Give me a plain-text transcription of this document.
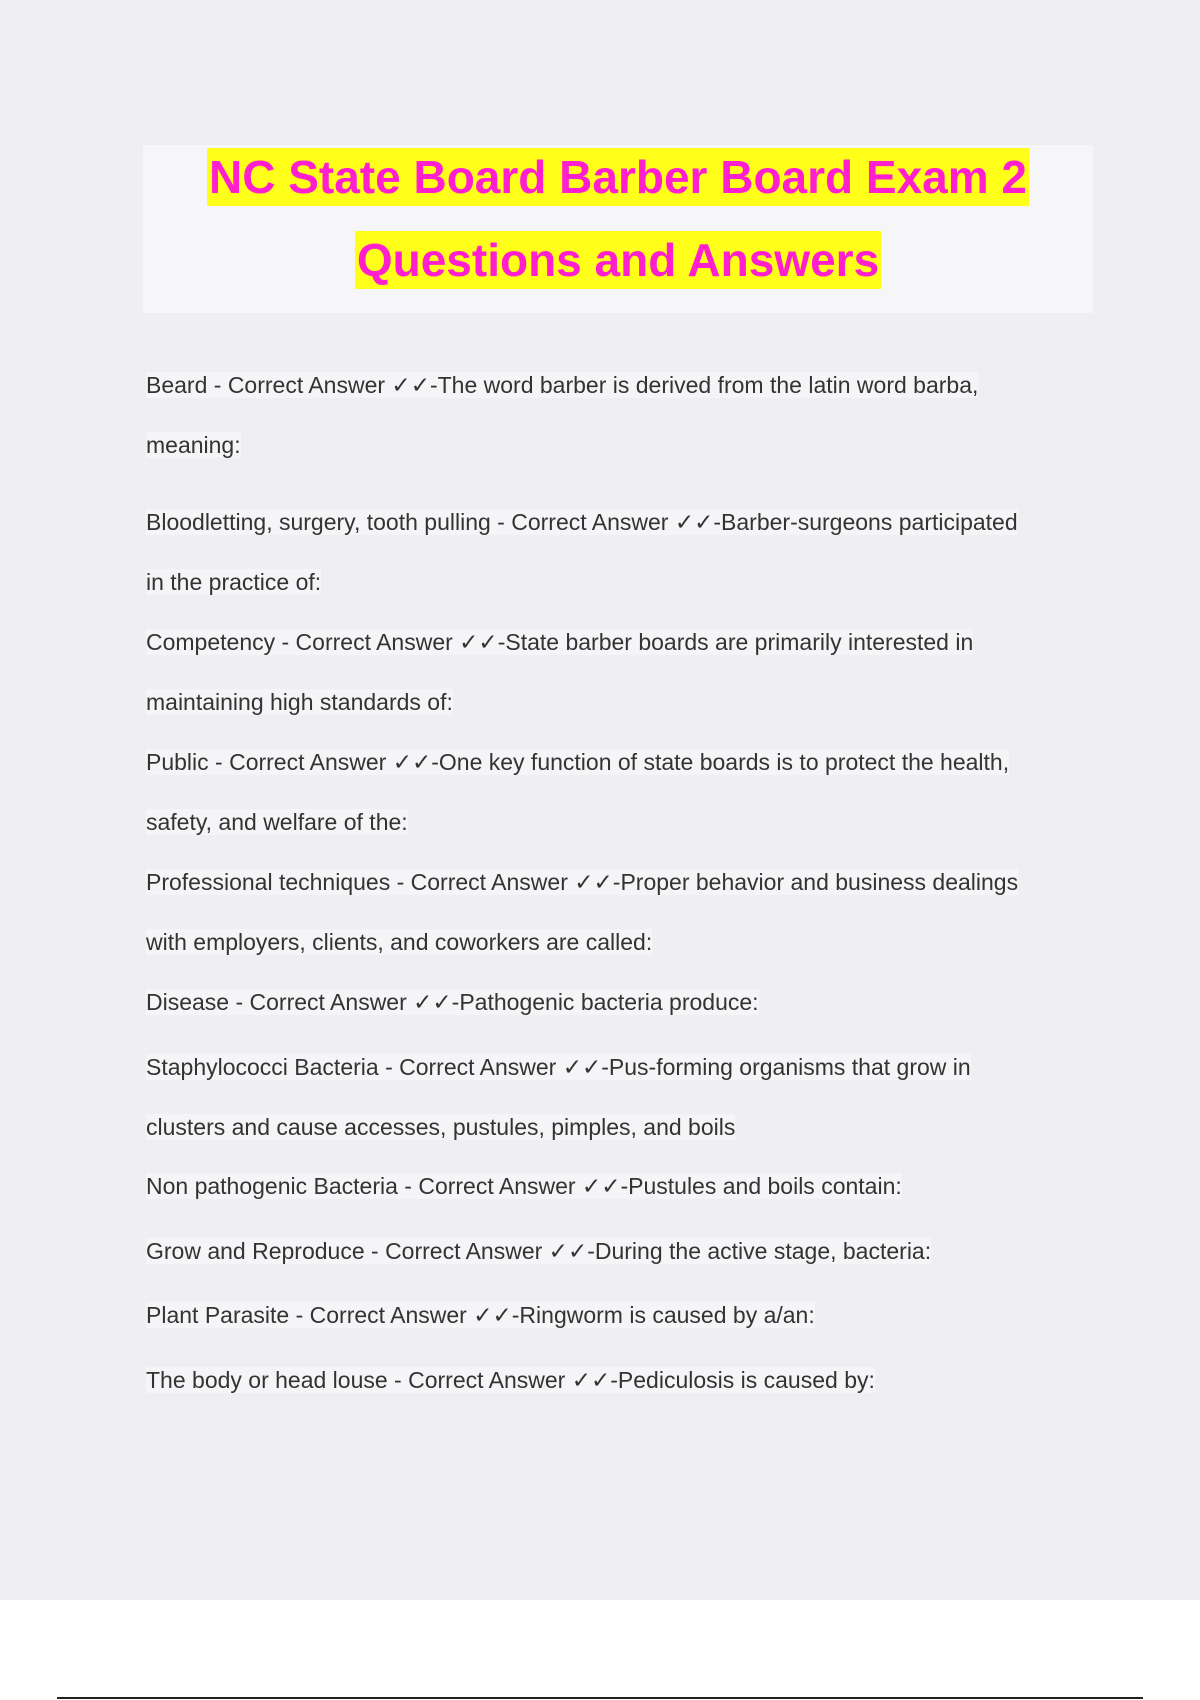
NC State Board Barber Board Exam 2
Questions and Answers
Beard - Correct Answer ✓✓-The word barber is derived from the latin word barba,
meaning:
Bloodletting, surgery, tooth pulling - Correct Answer ✓✓-Barber-surgeons participated
in the practice of:
Competency - Correct Answer ✓✓-State barber boards are primarily interested in
maintaining high standards of:
Public - Correct Answer ✓✓-One key function of state boards is to protect the health,
safety, and welfare of the:
Professional techniques - Correct Answer ✓✓-Proper behavior and business dealings
with employers, clients, and coworkers are called:
Disease - Correct Answer ✓✓-Pathogenic bacteria produce:
Staphylococci Bacteria - Correct Answer ✓✓-Pus-forming organisms that grow in
clusters and cause accesses, pustules, pimples, and boils
Non pathogenic Bacteria - Correct Answer ✓✓-Pustules and boils contain:
Grow and Reproduce - Correct Answer ✓✓-During the active stage, bacteria:
Plant Parasite - Correct Answer ✓✓-Ringworm is caused by a/an:
The body or head louse - Correct Answer ✓✓-Pediculosis is caused by:
